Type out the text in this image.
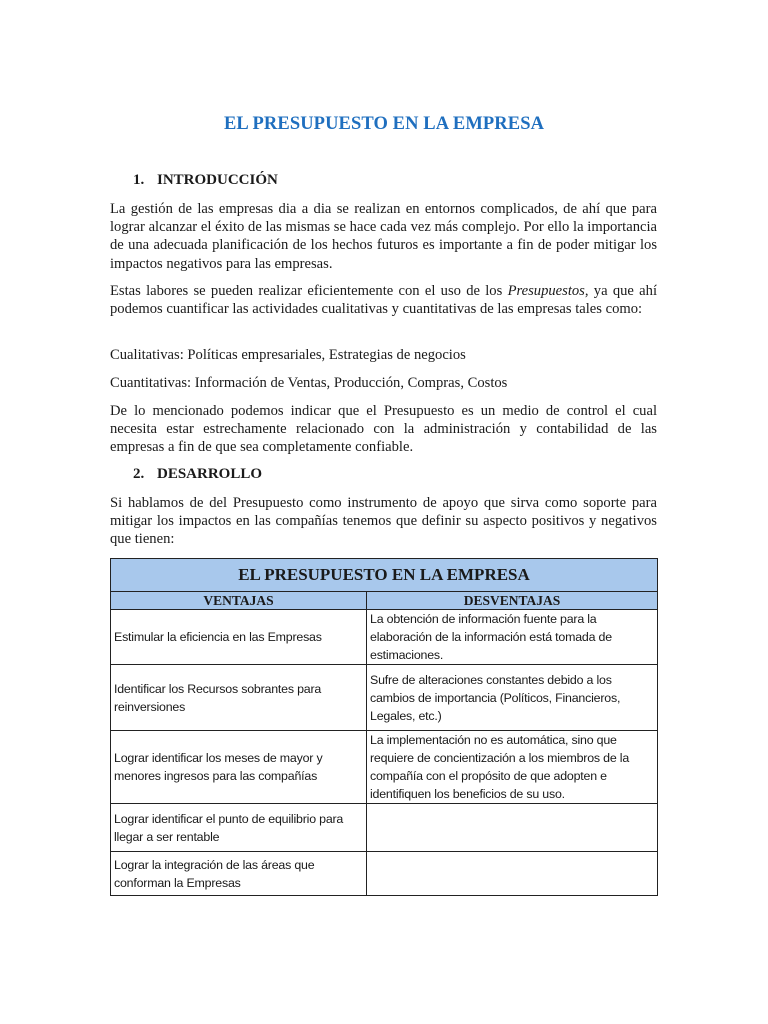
EL PRESUPUESTO EN LA EMPRESA
1. INTRODUCCIÓN

La gestión de las empresas dia a dia se realizan en entornos complicados, de ahí que para lograr alcanzar el éxito de las mismas se hace cada vez más complejo. Por ello la importancia de una adecuada planificación de los hechos futuros es importante a fin de poder mitigar los impactos negativos para las empresas.

Estas labores se pueden realizar eficientemente con el uso de los Presupuestos, ya que ahí podemos cuantificar las actividades cualitativas y cuantitativas de las empresas tales como:

Cualitativas: Políticas empresariales, Estrategias de negocios

Cuantitativas: Información de Ventas, Producción, Compras, Costos

De lo mencionado podemos indicar que el Presupuesto es un medio de control el cual necesita estar estrechamente relacionado con la administración y contabilidad de las empresas a fin de que sea completamente confiable.

2. DESARROLLO

Si hablamos de del Presupuesto como instrumento de apoyo que sirva como soporte para mitigar los impactos en las compañías tenemos que definir su aspecto positivos y negativos que tienen:

EL PRESUPUESTO EN LA EMPRESA	
VENTAJAS	DESVENTAJAS
Estimular la eficiencia en las Empresas	La obtención de información fuente para la elaboración de la información está tomada de estimaciones.
Identificar los Recursos sobrantes para reinversiones	Sufre de alteraciones constantes debido a los cambios de importancia (Políticos, Financieros, Legales, etc.)
Lograr identificar los meses de mayor y menores ingresos para las compañías	La implementación no es automática, sino que requiere de concientización a los miembros de la compañía con el propósito de que adopten e identifiquen los beneficios de su uso.
Lograr identificar el punto de equilibrio para llegar a ser rentable	
Lograr la integración de las áreas que conforman la Empresas	
